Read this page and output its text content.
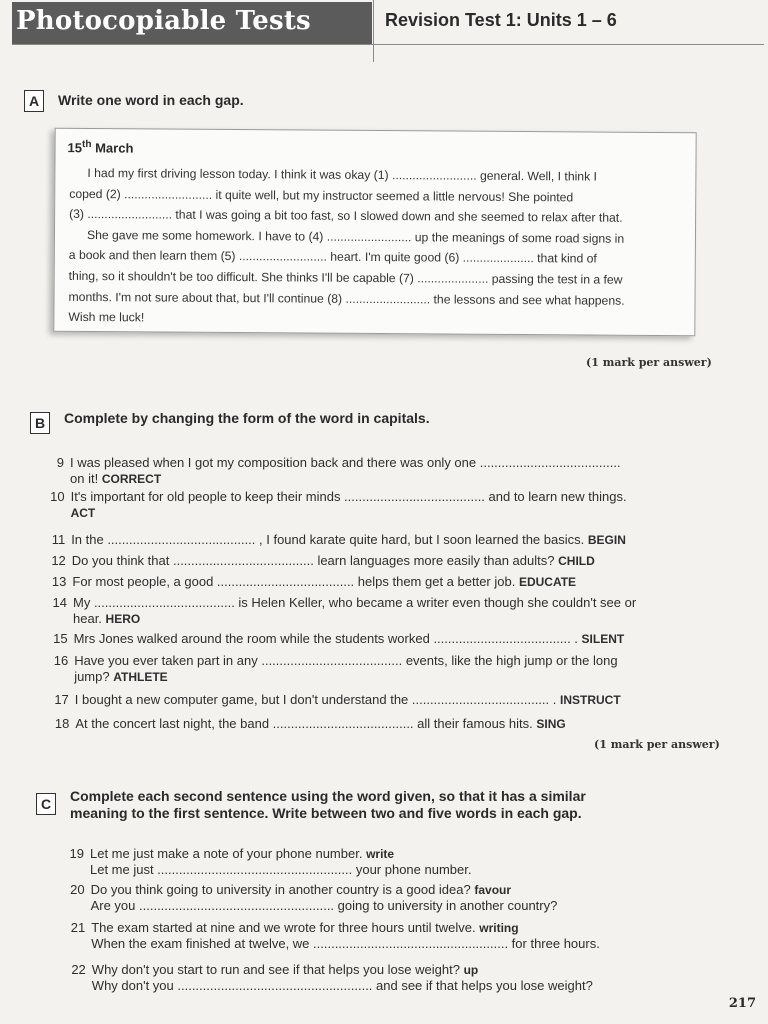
Photocopiable Tests	Revision Test 1: Units 1 – 6
A	Write one word in each gap.
15th March

I had my first driving lesson today. I think it was okay (1) ......................... general. Well, I think I

coped (2) .......................... it quite well, but my instructor seemed a little nervous! She pointed
(3) ......................... that I was going a bit too fast, so I slowed down and she seemed to relax after that.

She gave me some homework. I have to (4) ......................... up the meanings of some road signs in

a book and then learn them (5) .......................... heart. I'm quite good (6) ..................... that kind of
thing, so it shouldn't be too difficult. She thinks I'll be capable (7) ..................... passing the test in a few
months. I'm not sure about that, but I'll continue (8) ......................... the lessons and see what happens.
Wish me luck!
(1 mark per answer)
B	Complete by changing the form of the word in capitals.
9 I was pleased when I got my composition back and there was only one .......................................
on it! CORRECT
10 It's important for old people to keep their minds ....................................... and to learn new things.
ACT
11 In the ......................................... , I found karate quite hard, but I soon learned the basics. BEGIN
12 Do you think that ....................................... learn languages more easily than adults? CHILD
13 For most people, a good ...................................... helps them get a better job. EDUCATE
14 My ....................................... is Helen Keller, who became a writer even though she couldn't see or
hear. HERO
15 Mrs Jones walked around the room while the students worked ...................................... . SILENT
16 Have you ever taken part in any ....................................... events, like the high jump or the long
jump? ATHLETE
17 I bought a new computer game, but I don't understand the ...................................... . INSTRUCT
18 At the concert last night, the band ....................................... all their famous hits. SING
(1 mark per answer)
C	Complete each second sentence using the word given, so that it has a similar
meaning to the first sentence. Write between two and five words in each gap.
19 Let me just make a note of your phone number. write
Let me just ...................................................... your phone number.
20 Do you think going to university in another country is a good idea? favour
Are you ...................................................... going to university in another country?
21 The exam started at nine and we wrote for three hours until twelve. writing
When the exam finished at twelve, we ...................................................... for three hours.
22 Why don't you start to run and see if that helps you lose weight? up
Why don't you ...................................................... and see if that helps you lose weight?
217
